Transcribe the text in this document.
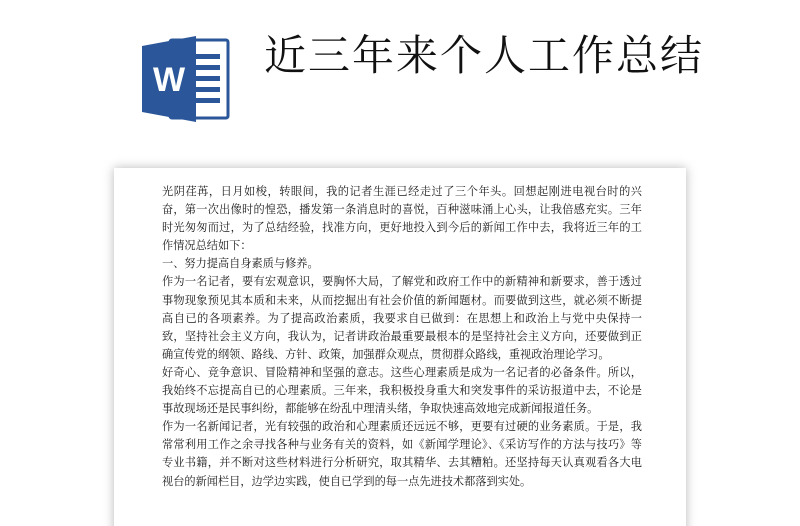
W 近三年来个人工作总结

光阴荏苒，日月如梭，转眼间，我的记者生涯已经走过了三个年头。回想起刚进电视台时的兴奋，第一次出像时的惶恐，播发第一条消息时的喜悦，百种滋味涌上心头，让我倍感充实。三年时光匆匆而过，为了总结经验，找准方向，更好地投入到今后的新闻工作中去，我将近三年的工作情况总结如下：

一、努力提高自身素质与修养。

作为一名记者，要有宏观意识，要胸怀大局，了解党和政府工作中的新精神和新要求，善于透过事物现象预见其本质和未来，从而挖掘出有社会价值的新闻题材。而要做到这些，就必须不断提高自已的各项素养。为了提高政治素质，我要求自已做到：在思想上和政治上与党中央保持一致，坚持社会主义方向，我认为，记者讲政治最重要最根本的是坚持社会主义方向，还要做到正确宣传党的纲领、路线、方针、政策，加强群众观点，贯彻群众路线，重视政治理论学习。

好奇心、竞争意识、冒险精神和坚强的意志。这些心理素质是成为一名记者的必备条件。所以，我始终不忘提高自已的心理素质。三年来，我积极投身重大和突发事件的采访报道中去，不论是事故现场还是民事纠纷，都能够在纷乱中理清头绪，争取快速高效地完成新闻报道任务。

作为一名新闻记者，光有较强的政治和心理素质还远远不够，更要有过硬的业务素质。于是，我常常利用工作之余寻找各种与业务有关的资料，如《新闻学理论》、《采访写作的方法与技巧》等专业书籍，并不断对这些材料进行分析研究，取其精华、去其糟粕。还坚持每天认真观看各大电视台的新闻栏目，边学边实践，使自已学到的每一点先进技术都落到实处。
